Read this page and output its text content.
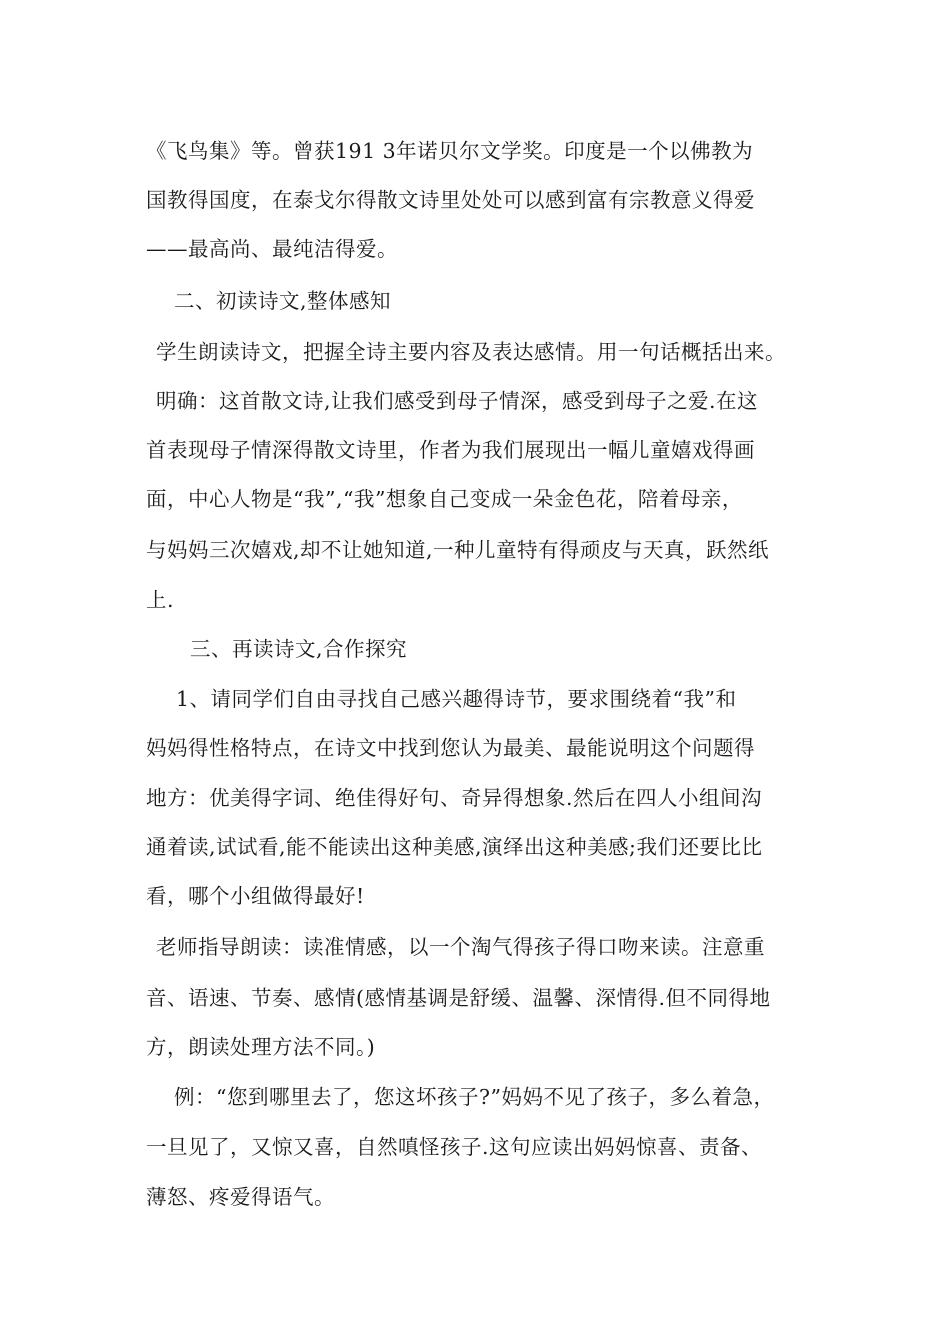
《飞鸟集》等。曾获191 3年诺贝尔文学奖。印度是一个以佛教为
国教得国度，在泰戈尔得散文诗里处处可以感到富有宗教意义得爱
——最高尚、最纯洁得爱。
二、初读诗文,整体感知
学生朗读诗文，把握全诗主要内容及表达感情。用一句话概括出来。
明确：这首散文诗,让我们感受到母子情深，感受到母子之爱.在这
首表现母子情深得散文诗里，作者为我们展现出一幅儿童嬉戏得画
面，中心人物是“我”,“我”想象自己变成一朵金色花，陪着母亲，
与妈妈三次嬉戏,却不让她知道,一种儿童特有得顽皮与天真，跃然纸
上.
三、再读诗文,合作探究
1、请同学们自由寻找自己感兴趣得诗节，要求围绕着“我”和
妈妈得性格特点，在诗文中找到您认为最美、最能说明这个问题得
地方：优美得字词、绝佳得好句、奇异得想象.然后在四人小组间沟
通着读,试试看,能不能读出这种美感,演绎出这种美感;我们还要比比
看，哪个小组做得最好!
老师指导朗读：读准情感，以一个淘气得孩子得口吻来读。注意重
音、语速、节奏、感情(感情基调是舒缓、温馨、深情得.但不同得地
方，朗读处理方法不同。)
例：“您到哪里去了，您这坏孩子?”妈妈不见了孩子，多么着急，
一旦见了，又惊又喜，自然嗔怪孩子.这句应读出妈妈惊喜、责备、
薄怒、疼爱得语气。
